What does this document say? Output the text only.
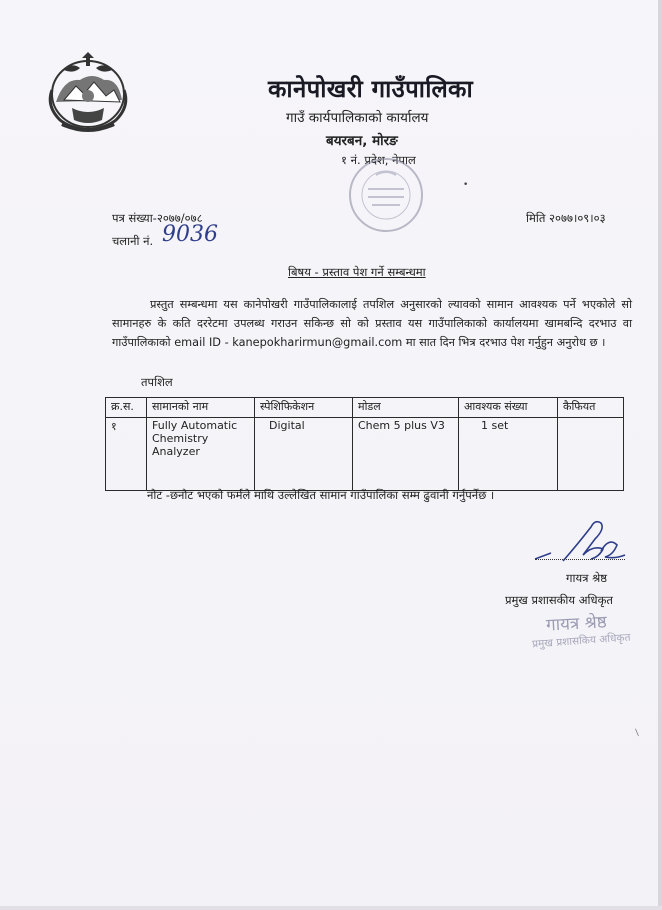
कानेपोखरी गाउँपालिका
गाउँ कार्यपालिकाको कार्यालय
बयरबन, मोरङ
१ नं. प्रदेश, नेपाल
पत्र संख्या-२०७७/०७८
चलानी नं. 9036
मिति २०७७।०९।०३
बिषय - प्रस्ताव पेश गर्ने सम्बन्धमा
प्रस्तुत सम्बन्धमा यस कानेपोखरी गाउँपालिकालाई तपशिल अनुसारको ल्यावको सामान आवश्यक पर्ने भएकोले सो सामानहरु के कति दररेटमा उपलब्ध गराउन सकिन्छ सो को प्रस्ताव यस गाउँपालिकाको कार्यालयमा खामबन्दि दरभाउ वा गाउँपालिकाको email ID - kanepokharirmun@gmail.com मा सात दिन भित्र दरभाउ पेश गर्नुहुन अनुरोध छ ।
तपशिल
क्र.स.	सामानको नाम	स्पेशिफिकेशन	मोडल	आवश्यक संख्या	कैफियत
१	Fully Automatic Chemistry Analyzer	Digital	Chem 5 plus V3	1 set	
नोट -छनौट भएको फर्मले माथि उल्लेखित सामान गाउँपालिका सम्म ढुवानी गर्नुपर्नेछ ।
गायत्र श्रेष्ठ
प्रमुख प्रशासकीय अधिकृत
गायत्र श्रेष्ठ
प्रमुख प्रशासकिय अधिकृत
•
/
